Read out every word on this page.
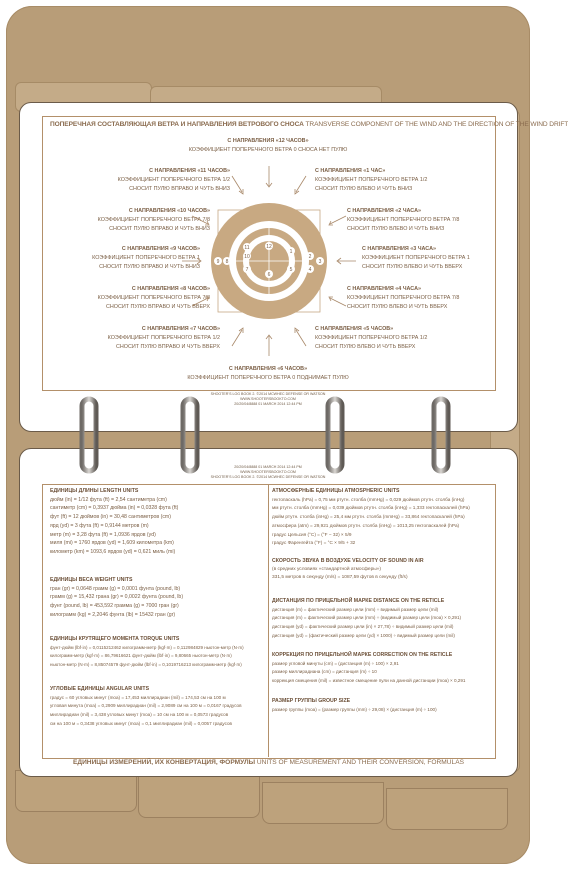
ПОПЕРЕЧНАЯ СОСТАВЛЯЮЩАЯ ВЕТРА И НАПРАВЛЕНИЯ ВЕТРОВОГО СНОСА TRANSVERSE COMPONENT OF THE WIND AND THE DIRECTION OF THE WIND DRIFT
С НАПРАВЛЕНИЯ «12 ЧАСОВ»
КОЭФФИЦИЕНТ ПОПЕРЕЧНОГО ВЕТРА 0 СНОСА НЕТ ПУЛЮ
С НАПРАВЛЕНИЯ «11 ЧАСОВ»
КОЭФФИЦИЕНТ ПОПЕРЕЧНОГО ВЕТРА 1/2
СНОСИТ ПУЛЮ ВПРАВО И ЧУТЬ ВНИЗ
С НАПРАВЛЕНИЯ «1 ЧАС»
КОЭФФИЦИЕНТ ПОПЕРЕЧНОГО ВЕТРА 1/2
СНОСИТ ПУЛЮ ВЛЕВО И ЧУТЬ ВНИЗ
С НАПРАВЛЕНИЯ «10 ЧАСОВ»
КОЭФФИЦИЕНТ ПОПЕРЕЧНОГО ВЕТРА 7/8
СНОСИТ ПУЛЮ ВПРАВО И ЧУТЬ ВНИЗ
С НАПРАВЛЕНИЯ «2 ЧАСА»
КОЭФФИЦИЕНТ ПОПЕРЕЧНОГО ВЕТРА 7/8
СНОСИТ ПУЛЮ ВЛЕВО И ЧУТЬ ВНИЗ
С НАПРАВЛЕНИЯ «9 ЧАСОВ»
КОЭФФИЦИЕНТ ПОПЕРЕЧНОГО ВЕТРА 1
СНОСИТ ПУЛЮ ВПРАВО И ЧУТЬ ВНИЗ
С НАПРАВЛЕНИЯ «3 ЧАСА»
КОЭФФИЦИЕНТ ПОПЕРЕЧНОГО ВЕТРА 1
СНОСИТ ПУЛЮ ВЛЕВО И ЧУТЬ ВВЕРХ
С НАПРАВЛЕНИЯ «8 ЧАСОВ»
КОЭФФИЦИЕНТ ПОПЕРЕЧНОГО ВЕТРА 7/8
СНОСИТ ПУЛЮ ВПРАВО И ЧУТЬ ВВЕРХ
С НАПРАВЛЕНИЯ «4 ЧАСА»
КОЭФФИЦИЕНТ ПОПЕРЕЧНОГО ВЕТРА 7/8
СНОСИТ ПУЛЮ ВЛЕВО И ЧУТЬ ВВЕРХ
С НАПРАВЛЕНИЯ «7 ЧАСОВ»
КОЭФФИЦИЕНТ ПОПЕРЕЧНОГО ВЕТРА 1/2
СНОСИТ ПУЛЮ ВПРАВО И ЧУТЬ ВВЕРХ
С НАПРАВЛЕНИЯ «5 ЧАСОВ»
КОЭФФИЦИЕНТ ПОПЕРЕЧНОГО ВЕТРА 1/2
СНОСИТ ПУЛЮ ВЛЕВО И ЧУТЬ ВВЕРХ
С НАПРАВЛЕНИЯ «6 ЧАСОВ»
КОЭФФИЦИЕНТ ПОПЕРЕЧНОГО ВЕТРА 0 ПОДНИМАЕТ ПУЛЮ
12
1
2
3
4
5
6
7
8
9
10
11
SHOOTER'S LOG BOOK 2. ©2014 MCWHEC DEFENSE OR WATSON
WWW.SHOOTERSBOOKTO.COM
20/20/04/8888 01 MARCH 2014 12:44 PM
20/20/04/8888 01 MARCH 2014 12:44 PM
WWW.SHOOTERSBOOKTO.COM
SHOOTER'S LOG BOOK 2. ©2014 MCWHEC DEFENSE OR WATSON
ЕДИНИЦЫ ДЛИНЫ LENGTH UNITS
дюйм (in) = 1/12 фута (ft) = 2,54 сантиметра (cm)
сантиметр (cm) = 0,3937 дюйма (in) = 0,0328 фута (ft)
фут (ft) = 12 дюймов (in) = 30,48 сантиметров (cm)
ярд (yd) = 3 фута (ft) = 0,9144 метров (m)
метр (m) = 3,28 фута (ft) = 1,0936 ярдов (yd)
миля (mi) = 1760 ярдов (yd) = 1,609 километра (km)
километр (km) = 1093,6 ярдов (yd) = 0,621 миль (mi)
ЕДИНИЦЫ ВЕСА WEIGHT UNITS
гран (gr) = 0,0648 грамм (g) = 0,0001 фунта (pound, lb)
грамм (g) = 15,432 грана (gr) = 0,0022 фунта (pound, lb)
фунт (pound, lb) = 453,592 грамма (g) = 7000 гран (gr)
килограмм (kg) = 2,2046 фунта (lb) = 15432 гран (gr)
ЕДИНИЦЫ КРУТЯЩЕГО МОМЕНТА TORQUE UNITS
фунт-дюйм (lbf·in) = 0,0115212462 килограмм-метр (kgf·m) = 0,112984829 ньютон-метр (N·m)
килограмм-метр (kgf·m) = 86,79616621 фунт-дюйм (lbf·in) = 9,80665 ньютон-метр (N·m)
ньютон-метр (N·m) = 8,85074579 фунт-дюйм (lbf·in) = 0,1019716213 килограмм-метр (kgf·m)
УГЛОВЫЕ ЕДИНИЦЫ ANGULAR UNITS
градус = 60 угловых минут (moa) = 17,453 миллирадиан (mil) = 174,53 см на 100 м
угловая минута (moa) = 0,2909 миллирадиан (mil) = 2,9089 см на 100 м = 0,0167 градусов
миллирадиан (mil) = 3,438 угловых минут (moa) = 10 см на 100 м = 0,0573 градусов
см на 100 м = 0,3438 угловых минут (moa) = 0,1 миллирадиан (mil) = 0,0057 градусов
АТМОСФЕРНЫЕ ЕДИНИЦЫ ATMOSPHERIC UNITS
гектопаскаль (hPa) = 0,75 мм ртутн. столба (mmHg) = 0,029 дюймов ртутн. столба (inHg)
мм ртутн. столба (mmHg) = 0,039 дюймов ртутн. столба (inHg) = 1,333 гектопаскалей (hPa)
дюйм ртутн. столба (inHg) = 25,4 мм ртутн. столба (mmHg) = 33,864 гектопаскалей (hPa)
атмосфера (atm) = 29,921 дюймов ртутн. столба (inHg) = 1013,25 гектопаскалей (hPa)
градус Цельсия (°C) = (°F − 32) × 5/9
градус Фаренгейта (°F) = °C × 9/5 + 32
СКОРОСТЬ ЗВУКА В ВОЗДУХЕ VELOCITY OF SOUND IN AIR
(в средних условиях «стандартной атмосферы»)
331,5 метров в секунду (m/s) = 1087,59 футов в секунду (ft/s)
ДИСТАНЦИЯ ПО ПРИЦЕЛЬНОЙ МАРКЕ DISTANCE ON THE RETICLE
дистанция (m) = фактический размер цели (mm) ÷ видимый размер цели (mil)
дистанция (m) = фактический размер цели (mm) ÷ (видимый размер цели (moa) × 0,291)
дистанция (yd) = фактический размер цели (in) × 27,78) ÷ видимый размер цели (mil)
дистанция (yd) = (фактический размер цели (yd) × 1000) ÷ видимый размер цели (mil)
КОРРЕКЦИЯ ПО ПРИЦЕЛЬНОЙ МАРКЕ CORRECTION ON THE RETICLE
размер угловой минуты (cm) = (дистанция (m) ÷ 100) × 2,91
размер миллирадиана (cm) = дистанция (m) ÷ 10
коррекция смещения (mil) = известное смещение пули на данной дистанции (moa) × 0,291
РАЗМЕР ГРУППЫ GROUP SIZE
размер группы (moa) = (размер группы (mm) ÷ 29,08) × (дистанция (m) ÷ 100)
ЕДИНИЦЫ ИЗМЕРЕНИЙ, ИХ КОНВЕРТАЦИЯ, ФОРМУЛЫ UNITS OF MEASUREMENT AND THEIR CONVERSION, FORMULAS
